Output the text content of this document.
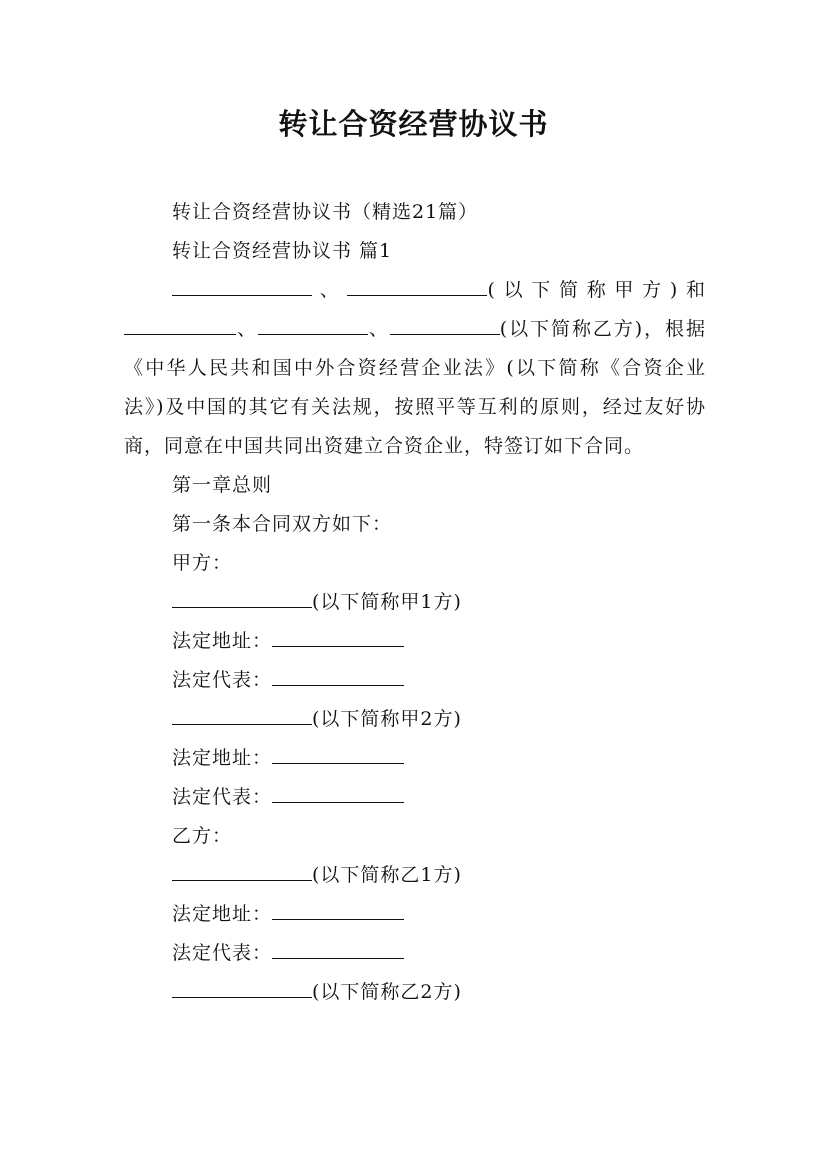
转让合资经营协议书
转让合资经营协议书（精选21篇）
转让合资经营协议书 篇1
、	(以下简称甲方)和、	、	(以下简称乙方)，根据《中华人民共和国中外合资经营企业法》(以下简称《合资企业法》)及中国的其它有关法规，按照平等互利的原则，经过友好协商，同意在中国共同出资建立合资企业，特签订如下合同。
第一章总则
第一条本合同双方如下：
甲方：
(以下简称甲1方)
法定地址：
法定代表：
(以下简称甲2方)
法定地址：
法定代表：
乙方：
(以下简称乙1方)
法定地址：
法定代表：
(以下简称乙2方)
